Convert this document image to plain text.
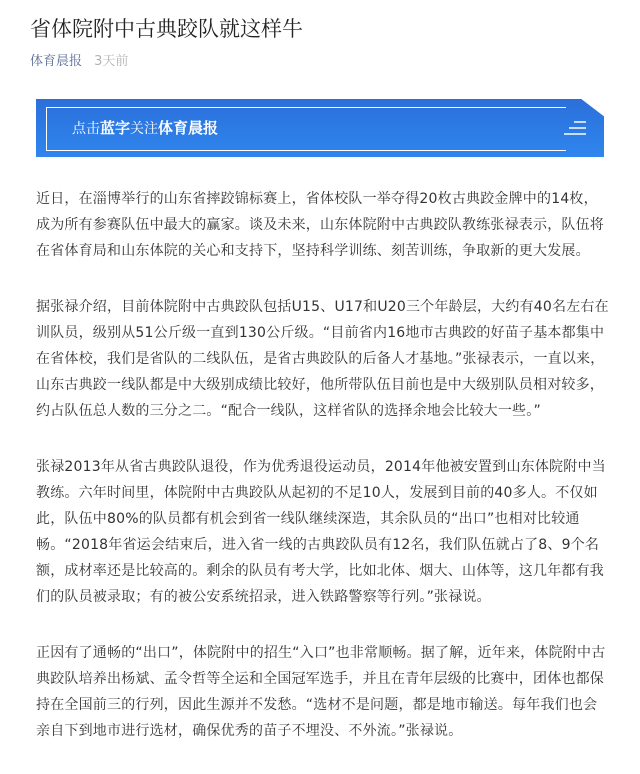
省体院附中古典跤队就这样牛
体育晨报 3天前
点击蓝字关注体育晨报

近日，在淄博举行的山东省摔跤锦标赛上，省体校队一举夺得20枚古典跤金牌中的14枚，成为所有参赛队伍中最大的赢家。谈及未来，山东体院附中古典跤队教练张禄表示，队伍将在省体育局和山东体院的关心和支持下，坚持科学训练、刻苦训练，争取新的更大发展。

据张禄介绍，目前体院附中古典跤队包括U15、U17和U20三个年龄层，大约有40名左右在训队员，级别从51公斤级一直到130公斤级。“目前省内16地市古典跤的好苗子基本都集中在省体校，我们是省队的二线队伍，是省古典跤队的后备人才基地。”张禄表示，一直以来，山东古典跤一线队都是中大级别成绩比较好，他所带队伍目前也是中大级别队员相对较多，约占队伍总人数的三分之二。“配合一线队，这样省队的选择余地会比较大一些。”

张禄2013年从省古典跤队退役，作为优秀退役运动员，2014年他被安置到山东体院附中当教练。六年时间里，体院附中古典跤队从起初的不足10人，发展到目前的40多人。不仅如此，队伍中80%的队员都有机会到省一线队继续深造，其余队员的“出口”也相对比较通畅。“2018年省运会结束后，进入省一线的古典跤队员有12名，我们队伍就占了8、9个名额，成材率还是比较高的。剩余的队员有考大学，比如北体、烟大、山体等，这几年都有我们的队员被录取；有的被公安系统招录，进入铁路警察等行列。”张禄说。

正因有了通畅的“出口”，体院附中的招生“入口”也非常顺畅。据了解，近年来，体院附中古典跤队培养出杨斌、孟令哲等全运和全国冠军选手，并且在青年层级的比赛中，团体也都保持在全国前三的行列，因此生源并不发愁。“选材不是问题，都是地市输送。每年我们也会亲自下到地市进行选材，确保优秀的苗子不埋没、不外流。”张禄说。
